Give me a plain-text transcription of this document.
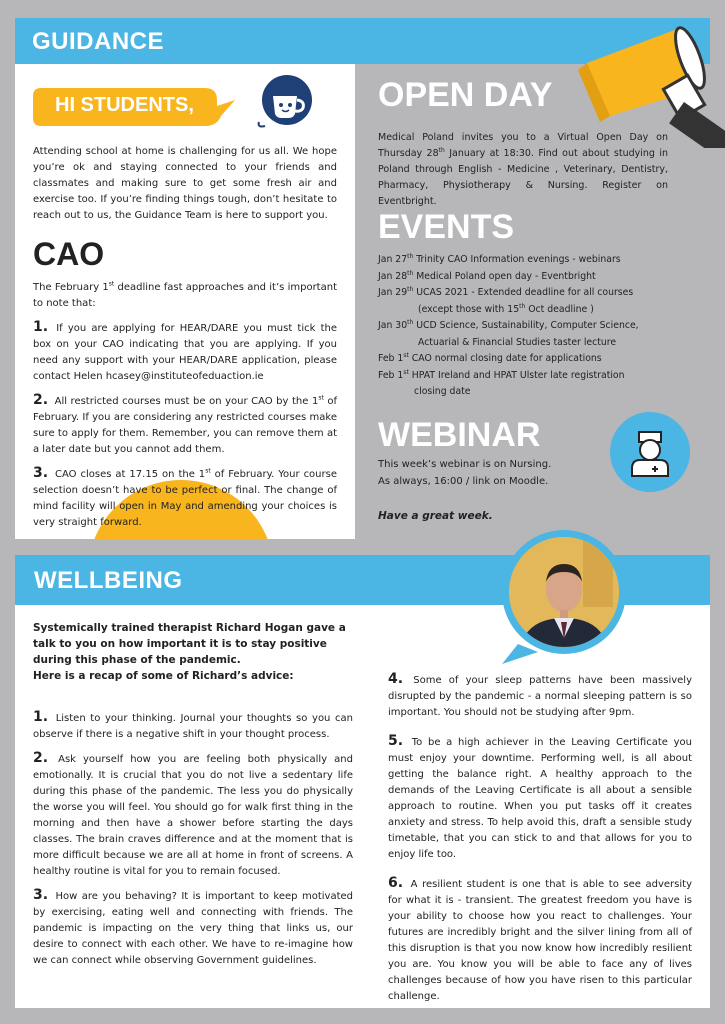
GUIDANCE
HI STUDENTS,
Attending school at home is challenging for us all. We hope you’re ok and staying connected to your friends and classmates and making sure to get some fresh air and exercise too. If you’re finding things tough, don’t hesitate to reach out to us, the Guidance Team is here to support you.
CAO
The February 1st deadline fast approaches and it’s important to note that:
1. If you are applying for HEAR/DARE you must tick the box on your CAO indicating that you are applying. If you need any support with your HEAR/DARE application, please contact Helen hcasey@instituteofeduaction.ie
2. All restricted courses must be on your CAO by the 1st of February. If you are considering any restricted courses make sure to apply for them. Remember, you can remove them at a later date but you cannot add them.
3. CAO closes at 17.15 on the 1st of February. Your course selection doesn’t have to be perfect or final. The change of mind facility will open in May and amending your choices is very straight forward.
OPEN DAY
Medical Poland invites you to a Virtual Open Day on Thursday 28th January at 18:30. Find out about studying in Poland through English - Medicine , Veterinary, Dentistry, Pharmacy, Physiotherapy & Nursing. Register on Eventbright.
EVENTS
Jan 27th Trinity CAO Information evenings - webinars
Jan 28th Medical Poland open day - Eventbright
Jan 29th UCAS 2021 - Extended deadline for all courses
(except those with 15th Oct deadline )
Jan 30th UCD Science, Sustainability, Computer Science,
Actuarial & Financial Studies taster lecture
Feb 1st CAO normal closing date for applications
Feb 1st HPAT Ireland and HPAT Ulster late registration
closing date
WEBINAR
This week’s webinar is on Nursing.
As always, 16:00 / link on Moodle.
Have a great week.
WELLBEING
Systemically trained therapist Richard Hogan gave a talk to you on how important it is to stay positive during this phase of the pandemic.
Here is a recap of some of Richard’s advice:
1. Listen to your thinking. Journal your thoughts so you can observe if there is a negative shift in your thought process.
2. Ask yourself how you are feeling both physically and emotionally. It is crucial that you do not live a sedentary life during this phase of the pandemic. The less you do physically the worse you will feel. You should go for walk first thing in the morning and then have a shower before starting the days classes. The brain craves difference and at the moment that is more difficult because we are all at home in front of screens. A healthy routine is vital for you to remain focused.
3. How are you behaving? It is important to keep motivated by exercising, eating well and connecting with friends. The pandemic is impacting on the very thing that links us, our desire to connect with each other. We have to re-imagine how we can connect while observing Government guidelines.
4. Some of your sleep patterns have been massively disrupted by the pandemic - a normal sleeping pattern is so important. You should not be studying after 9pm.
5. To be a high achiever in the Leaving Certificate you must enjoy your downtime. Performing well, is all about getting the balance right. A healthy approach to the demands of the Leaving Certificate is all about a sensible approach to routine. When you put tasks off it creates anxiety and stress. To help avoid this, draft a sensible study timetable, that you can stick to and that allows for you to enjoy life too.
6. A resilient student is one that is able to see adversity for what it is - transient. The greatest freedom you have is your ability to choose how you react to challenges. Your futures are incredibly bright and the silver lining from all of this disruption is that you now know how incredibly resilient you are. You know you will be able to face any of lives challenges because of how you have risen to this particular challenge.
